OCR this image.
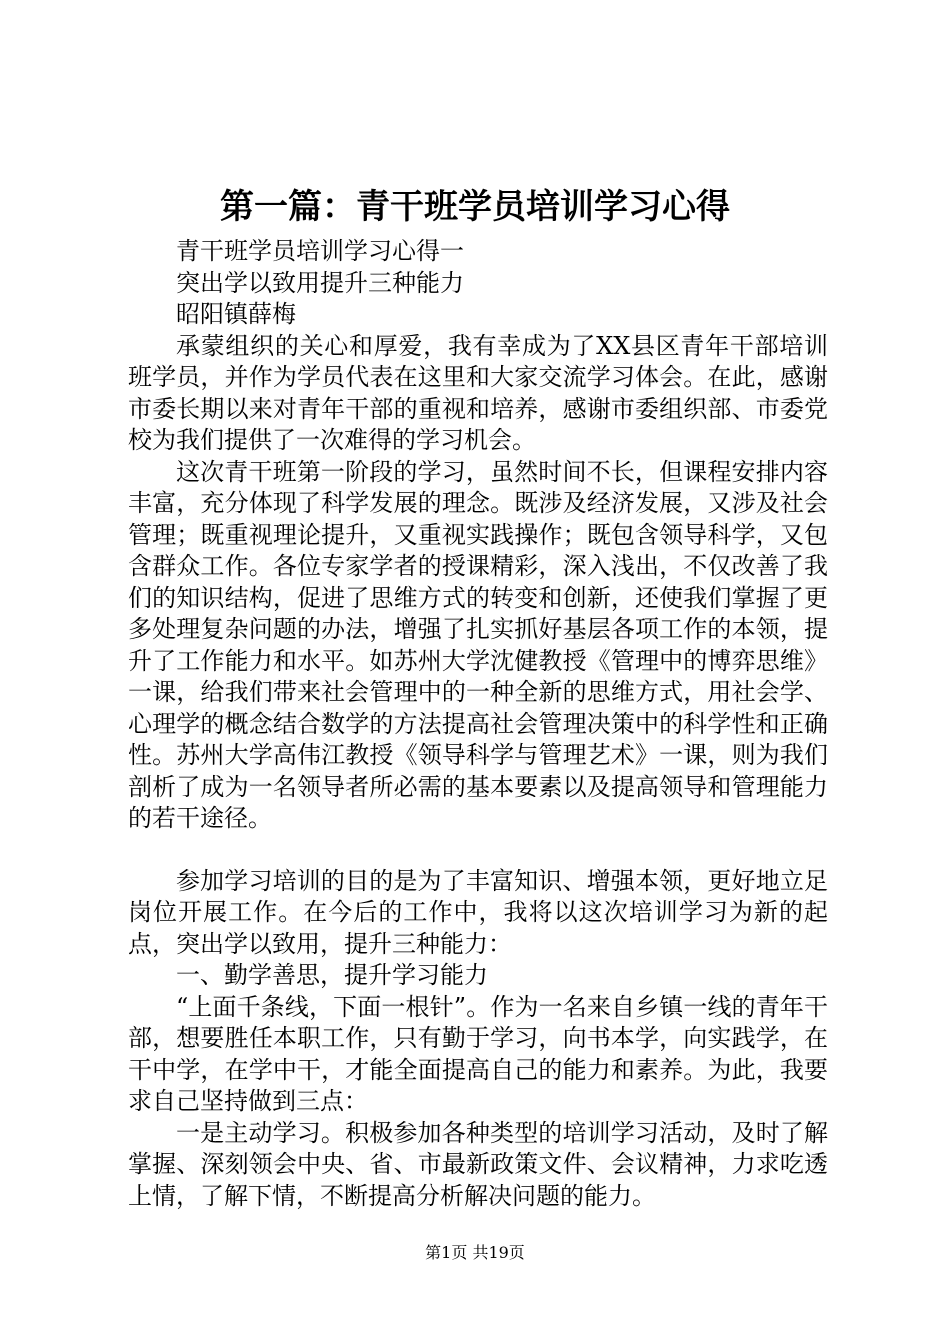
第一篇：青干班学员培训学习心得

青干班学员培训学习心得一

突出学以致用提升三种能力

昭阳镇薛梅

承蒙组织的关心和厚爱，我有幸成为了XX县区青年干部培训班学员，并作为学员代表在这里和大家交流学习体会。在此，感谢市委长期以来对青年干部的重视和培养，感谢市委组织部、市委党校为我们提供了一次难得的学习机会。

这次青干班第一阶段的学习，虽然时间不长，但课程安排内容丰富，充分体现了科学发展的理念。既涉及经济发展，又涉及社会管理；既重视理论提升，又重视实践操作；既包含领导科学，又包含群众工作。各位专家学者的授课精彩，深入浅出，不仅改善了我们的知识结构，促进了思维方式的转变和创新，还使我们掌握了更多处理复杂问题的办法，增强了扎实抓好基层各项工作的本领，提升了工作能力和水平。如苏州大学沈健教授《管理中的博弈思维》一课，给我们带来社会管理中的一种全新的思维方式，用社会学、心理学的概念结合数学的方法提高社会管理决策中的科学性和正确性。苏州大学高伟江教授《领导科学与管理艺术》一课，则为我们剖析了成为一名领导者所必需的基本要素以及提高领导和管理能力的若干途径。

参加学习培训的目的是为了丰富知识、增强本领，更好地立足岗位开展工作。在今后的工作中，我将以这次培训学习为新的起点，突出学以致用，提升三种能力：

一、勤学善思，提升学习能力

“上面千条线，下面一根针”。作为一名来自乡镇一线的青年干部，想要胜任本职工作，只有勤于学习，向书本学，向实践学，在干中学，在学中干，才能全面提高自己的能力和素养。为此，我要求自己坚持做到三点：

一是主动学习。积极参加各种类型的培训学习活动，及时了解掌握、深刻领会中央、省、市最新政策文件、会议精神，力求吃透上情，了解下情，不断提高分析解决问题的能力。

第1页 共19页
